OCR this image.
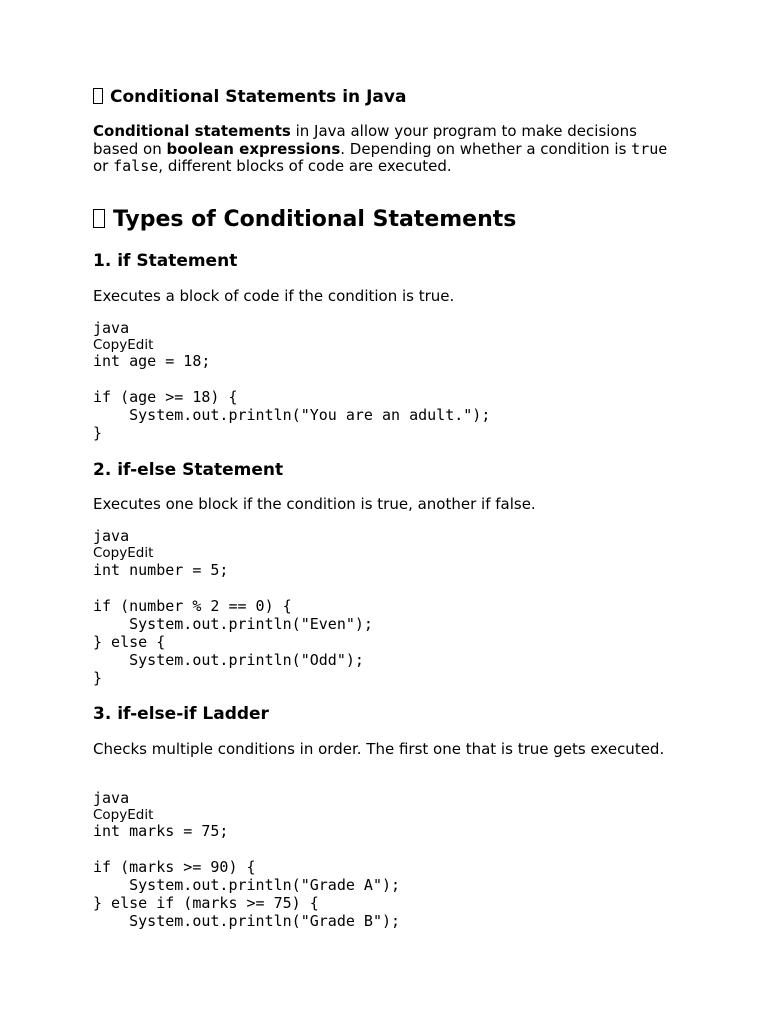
Conditional Statements in Java
Conditional statements in Java allow your program to make decisions based on boolean expressions. Depending on whether a condition is true or false, different blocks of code are executed.
Types of Conditional Statements
1. if Statement
Executes a block of code if the condition is true.
java
CopyEdit
int age = 18;

if (age >= 18) {
System.out.println("You are an adult.");
}
2. if-else Statement
Executes one block if the condition is true, another if false.
java
CopyEdit
int number = 5;

if (number % 2 == 0) {
System.out.println("Even");
} else {
System.out.println("Odd");
}
3. if-else-if Ladder
Checks multiple conditions in order. The first one that is true gets executed.
java
CopyEdit
int marks = 75;

if (marks >= 90) {
System.out.println("Grade A");
} else if (marks >= 75) {
System.out.println("Grade B");
